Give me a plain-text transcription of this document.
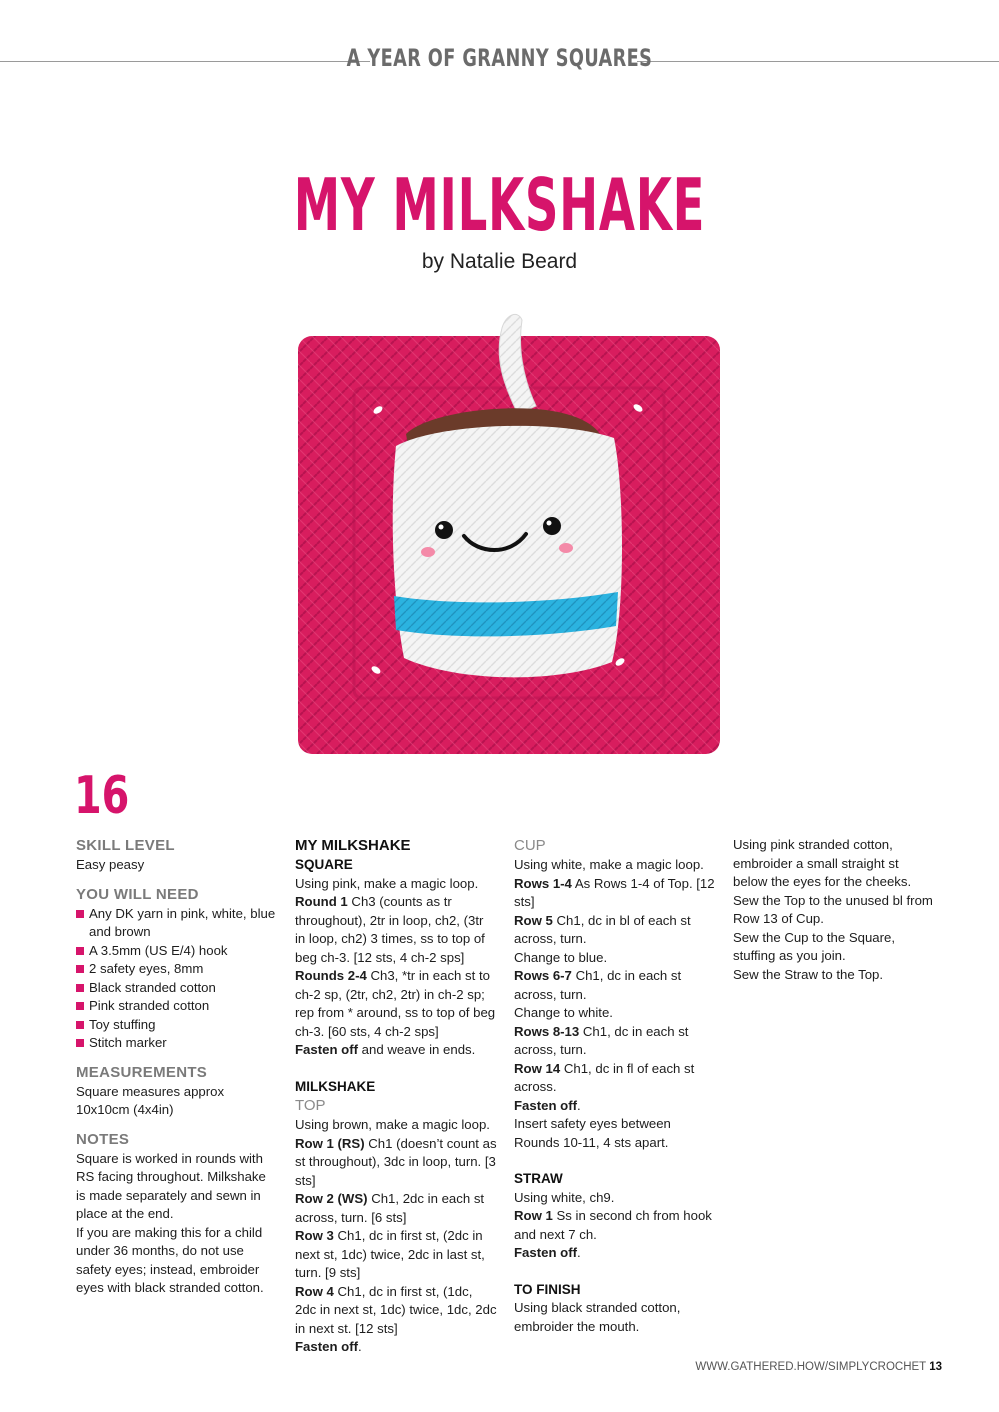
A YEAR OF GRANNY SQUARES
MY MILKSHAKE
by Natalie Beard
16

SKILL LEVEL

Easy peasy

YOU WILL NEED

Any DK yarn in pink, white, blue and brown
A 3.5mm (US E/4) hook
2 safety eyes, 8mm
Black stranded cotton
Pink stranded cotton
Toy stuffing
Stitch marker

MEASUREMENTS

Square measures approx 10x10cm (4x4in)

NOTES

Square is worked in rounds with RS facing throughout. Milkshake is made separately and sewn in place at the end.

If you are making this for a child under 36 months, do not use safety eyes; instead, embroider eyes with black stranded cotton.

MY MILKSHAKE

SQUARE

Using pink, make a magic loop.

Round 1 Ch3 (counts as tr throughout), 2tr in loop, ch2, (3tr in loop, ch2) 3 times, ss to top of beg ch-3. [12 sts, 4 ch-2 sps]

Rounds 2-4 Ch3, *tr in each st to ch-2 sp, (2tr, ch2, 2tr) in ch-2 sp; rep from * around, ss to top of beg ch-3. [60 sts, 4 ch-2 sps]

Fasten off and weave in ends.

MILKSHAKE

TOP

Using brown, make a magic loop.

Row 1 (RS) Ch1 (doesn’t count as st throughout), 3dc in loop, turn. [3 sts]

Row 2 (WS) Ch1, 2dc in each st across, turn. [6 sts]

Row 3 Ch1, dc in first st, (2dc in next st, 1dc) twice, 2dc in last st, turn. [9 sts]

Row 4 Ch1, dc in first st, (1dc, 2dc in next st, 1dc) twice, 1dc, 2dc in next st. [12 sts]

Fasten off.

CUP

Using white, make a magic loop.

Rows 1-4 As Rows 1-4 of Top. [12 sts]

Row 5 Ch1, dc in bl of each st across, turn.

Change to blue.

Rows 6-7 Ch1, dc in each st across, turn.

Change to white.

Rows 8-13 Ch1, dc in each st across, turn.

Row 14 Ch1, dc in fl of each st across.

Fasten off.

Insert safety eyes between Rounds 10-11, 4 sts apart.

STRAW

Using white, ch9.

Row 1 Ss in second ch from hook and next 7 ch.

Fasten off.

TO FINISH

Using black stranded cotton, embroider the mouth.

Using pink stranded cotton, embroider a small straight st below the eyes for the cheeks.

Sew the Top to the unused bl from Row 13 of Cup.

Sew the Cup to the Square, stuffing as you join.

Sew the Straw to the Top.

WWW.GATHERED.HOW/SIMPLYCROCHET 13
